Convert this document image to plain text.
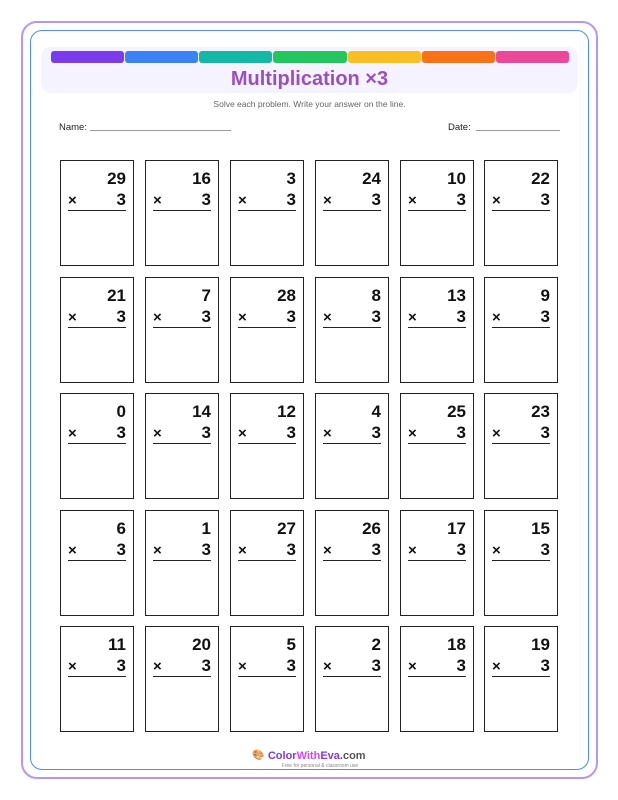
Multiplication ×3
Solve each problem. Write your answer on the line.
Name:	Date:
29
× 3
16
× 3
3
× 3
24
× 3
10
× 3
22
× 3
21
× 3
7
× 3
28
× 3
8
× 3
13
× 3
9
× 3
0
× 3
14
× 3
12
× 3
4
× 3
25
× 3
23
× 3
6
× 3
1
× 3
27
× 3
26
× 3
17
× 3
15
× 3
11
× 3
20
× 3
5
× 3
2
× 3
18
× 3
19
× 3
🎨 ColorWithEva.com
Free for personal & classroom use
